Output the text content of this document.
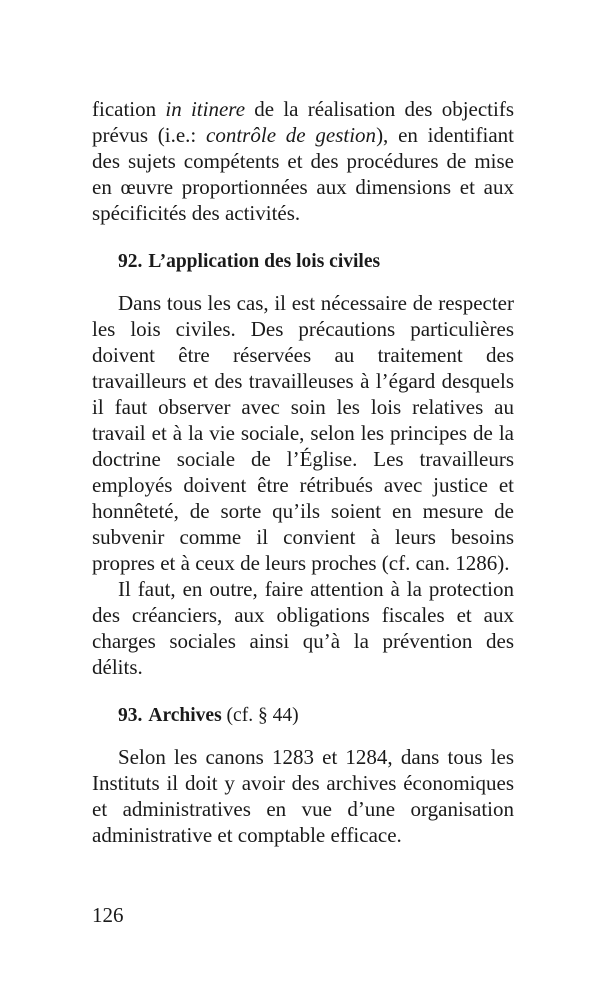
fication in itinere de la réalisation des objectifs prévus (i.e.: contrôle de gestion), en identifiant des sujets compétents et des procédures de mise en œuvre proportionnées aux dimensions et aux spécificités des activités.

92. L’application des lois civiles

Dans tous les cas, il est nécessaire de respecter les lois civiles. Des précautions particulières doivent être réservées au traitement des travailleurs et des travailleuses à l’égard desquels il faut observer avec soin les lois relatives au travail et à la vie sociale, selon les principes de la doctrine sociale de l’Église. Les travailleurs employés doivent être rétribués avec justice et honnêteté, de sorte qu’ils soient en mesure de subvenir comme il convient à leurs besoins propres et à ceux de leurs proches (cf. can. 1286).

Il faut, en outre, faire attention à la protection des créanciers, aux obligations fiscales et aux charges sociales ainsi qu’à la prévention des délits.

93. Archives (cf. § 44)

Selon les canons 1283 et 1284, dans tous les Instituts il doit y avoir des archives économiques et administratives en vue d’une organisation administrative et comptable efficace.

126
